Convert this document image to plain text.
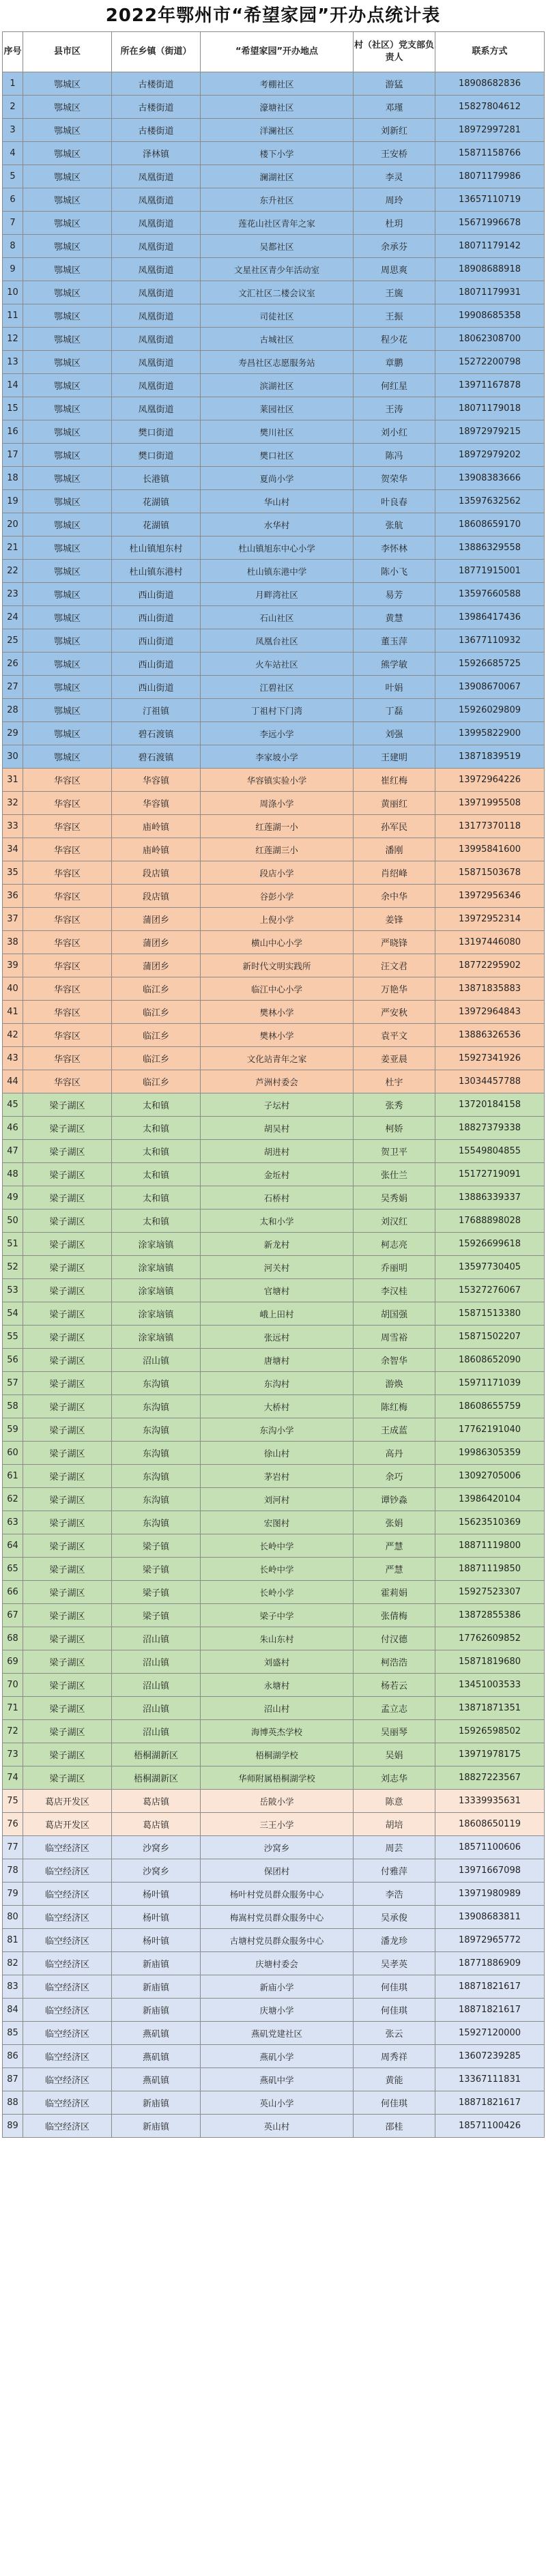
2022年鄂州市“希望家园”开办点统计表
序号	县市区	所在乡镇（街道）	“希望家园”开办地点	村（社区）党支部负责人	联系方式
1	鄂城区	古楼街道	考棚社区	游猛	18908682836
2	鄂城区	古楼街道	濠塘社区	邓瑾	15827804612
3	鄂城区	古楼街道	洋澜社区	刘新红	18972997281
4	鄂城区	泽林镇	楼下小学	王安桥	15871158766
5	鄂城区	凤凰街道	澜湖社区	李灵	18071179986
6	鄂城区	凤凰街道	东升社区	周玲	13657110719
7	鄂城区	凤凰街道	莲花山社区青年之家	杜玥	15671996678
8	鄂城区	凤凰街道	吴都社区	余承芬	18071179142
9	鄂城区	凤凰街道	文星社区青少年活动室	周思爽	18908688918
10	鄂城区	凤凰街道	文汇社区二楼会议室	王旒	18071179931
11	鄂城区	凤凰街道	司徒社区	王振	19908685358
12	鄂城区	凤凰街道	古城社区	程少花	18062308700
13	鄂城区	凤凰街道	寿昌社区志愿服务站	章鹏	15272200798
14	鄂城区	凤凰街道	滨湖社区	何红星	13971167878
15	鄂城区	凤凰街道	莱园社区	王涛	18071179018
16	鄂城区	樊口街道	樊川社区	刘小红	18972979215
17	鄂城区	樊口街道	樊口社区	陈冯	18972979202
18	鄂城区	长港镇	夏尚小学	贺荣华	13908383666
19	鄂城区	花湖镇	华山村	叶良春	13597632562
20	鄂城区	花湖镇	水华村	张航	18608659170
21	鄂城区	杜山镇旭东村	杜山镇旭东中心小学	李怀林	13886329558
22	鄂城区	杜山镇东港村	杜山镇东港中学	陈小飞	18771915001
23	鄂城区	西山街道	月畔湾社区	易芳	13597660588
24	鄂城区	西山街道	石山社区	黄慧	13986417436
25	鄂城区	西山街道	凤凰台社区	董玉萍	13677110932
26	鄂城区	西山街道	火车站社区	熊学敏	15926685725
27	鄂城区	西山街道	江碧社区	叶娟	13908670067
28	鄂城区	汀祖镇	丁祖村下门湾	丁磊	15926029809
29	鄂城区	碧石渡镇	李远小学	刘强	13995822900
30	鄂城区	碧石渡镇	李家坡小学	王建明	13871839519
31	华容区	华容镇	华容镇实验小学	崔红梅	13972964226
32	华容区	华容镇	周涤小学	黄丽红	13971995508
33	华容区	庙岭镇	红莲湖一小	孙军民	13177370118
34	华容区	庙岭镇	红莲湖三小	潘刚	13995841600
35	华容区	段店镇	段店小学	肖绍峰	15871503678
36	华容区	段店镇	谷彭小学	余中华	13972956346
37	华容区	蒲团乡	上倪小学	姜锋	13972952314
38	华容区	蒲团乡	横山中心小学	严晓锋	13197446080
39	华容区	蒲团乡	新时代文明实践所	汪文君	18772295902
40	华容区	临江乡	临江中心小学	万艳华	13871835883
41	华容区	临江乡	樊林小学	严安秋	13972964843
42	华容区	临江乡	樊林小学	袁平文	13886326536
43	华容区	临江乡	文化站青年之家	姜亚晨	15927341926
44	华容区	临江乡	芦洲村委会	杜宇	13034457788
45	梁子湖区	太和镇	子坛村	张秀	13720184158
46	梁子湖区	太和镇	胡吴村	柯娇	18827379338
47	梁子湖区	太和镇	胡进村	贺卫平	15549804855
48	梁子湖区	太和镇	金坵村	张仕兰	15172719091
49	梁子湖区	太和镇	石桥村	吴秀娟	13886339337
50	梁子湖区	太和镇	太和小学	刘汉红	17688898028
51	梁子湖区	涂家垴镇	新龙村	柯志亮	15926699618
52	梁子湖区	涂家垴镇	河关村	乔丽明	13597730405
53	梁子湖区	涂家垴镇	官塘村	李汉桂	15327276067
54	梁子湖区	涂家垴镇	峨上田村	胡国强	15871513380
55	梁子湖区	涂家垴镇	张远村	周雪裕	15871502207
56	梁子湖区	沼山镇	唐塘村	余智华	18608652090
57	梁子湖区	东沟镇	东沟村	游焕	15971171039
58	梁子湖区	东沟镇	大桥村	陈红梅	18608655759
59	梁子湖区	东沟镇	东沟小学	王成蓝	17762191040
60	梁子湖区	东沟镇	徐山村	高丹	19986305359
61	梁子湖区	东沟镇	茅岩村	余巧	13092705006
62	梁子湖区	东沟镇	刘河村	谭钞淼	13986420104
63	梁子湖区	东沟镇	宏图村	张娟	15623510369
64	梁子湖区	梁子镇	长岭中学	严慧	18871119800
65	梁子湖区	梁子镇	长岭中学	严慧	18871119850
66	梁子湖区	梁子镇	长岭小学	霍莉娟	15927523307
67	梁子湖区	梁子镇	梁子中学	张倩梅	13872855386
68	梁子湖区	沼山镇	朱山东村	付汉德	17762609852
69	梁子湖区	沼山镇	刘盛村	柯浩浩	15871819680
70	梁子湖区	沼山镇	永塘村	杨若云	13451003533
71	梁子湖区	沼山镇	沼山村	孟立志	13871871351
72	梁子湖区	沼山镇	海博英杰学校	吴丽琴	15926598502
73	梁子湖区	梧桐湖新区	梧桐湖学校	吴娟	13971978175
74	梁子湖区	梧桐湖新区	华师附属梧桐湖学校	刘志华	18827223567
75	葛店开发区	葛店镇	岳陂小学	陈意	13339935631
76	葛店开发区	葛店镇	三王小学	胡培	18608650119
77	临空经济区	沙窝乡	沙窝乡	周芸	18571100606
78	临空经济区	沙窝乡	保团村	付雅萍	13971667098
79	临空经济区	杨叶镇	杨叶村党员群众服务中心	李浩	13971980989
80	临空经济区	杨叶镇	梅嵩村党员群众服务中心	吴承俊	13908683811
81	临空经济区	杨叶镇	古塘村党员群众服务中心	潘龙珍	18972965772
82	临空经济区	新庙镇	庆塘村委会	吴孝英	18771886909
83	临空经济区	新庙镇	新庙小学	何佳琪	18871821617
84	临空经济区	新庙镇	庆塘小学	何佳琪	18871821617
85	临空经济区	燕矶镇	燕矶党建社区	张云	15927120000
86	临空经济区	燕矶镇	燕矶小学	周秀祥	13607239285
87	临空经济区	燕矶镇	燕矶中学	黄能	13367111831
88	临空经济区	新庙镇	英山小学	何佳琪	18871821617
89	临空经济区	新庙镇	英山村	邵桂	18571100426
